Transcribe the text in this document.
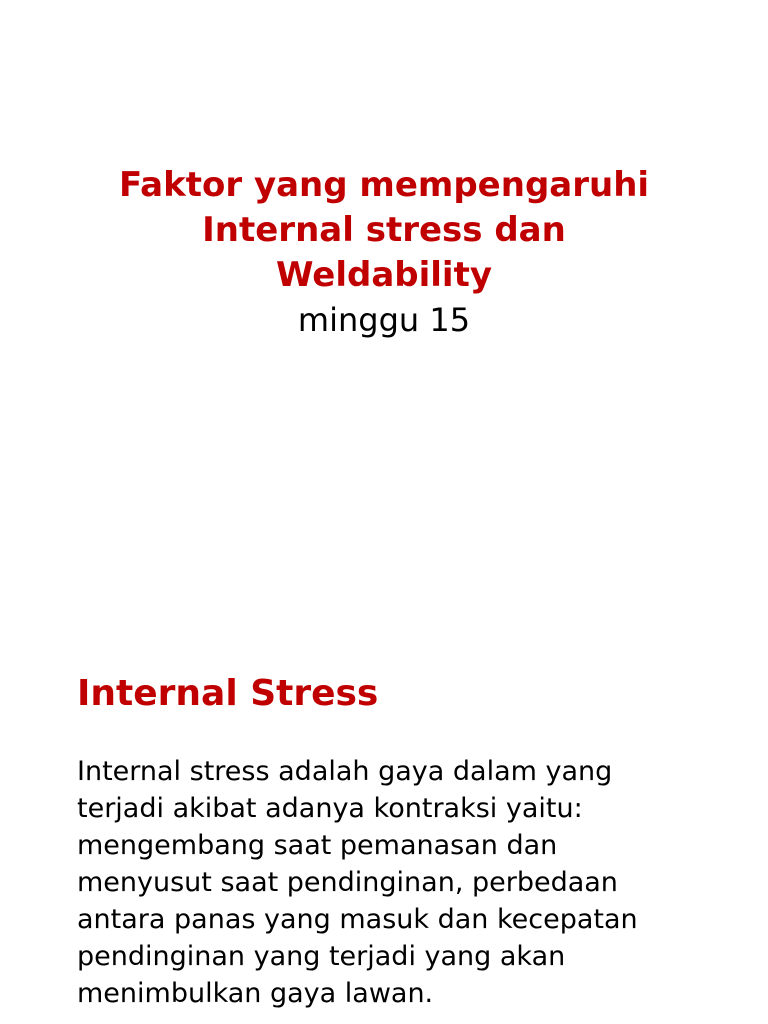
Faktor yang mempengaruhi
Internal stress dan
Weldability
minggu 15
Internal Stress
Internal stress adalah gaya dalam yang
terjadi akibat adanya kontraksi yaitu:
mengembang saat pemanasan dan
menyusut saat pendinginan, perbedaan
antara panas yang masuk dan kecepatan
pendinginan yang terjadi yang akan
menimbulkan gaya lawan.
